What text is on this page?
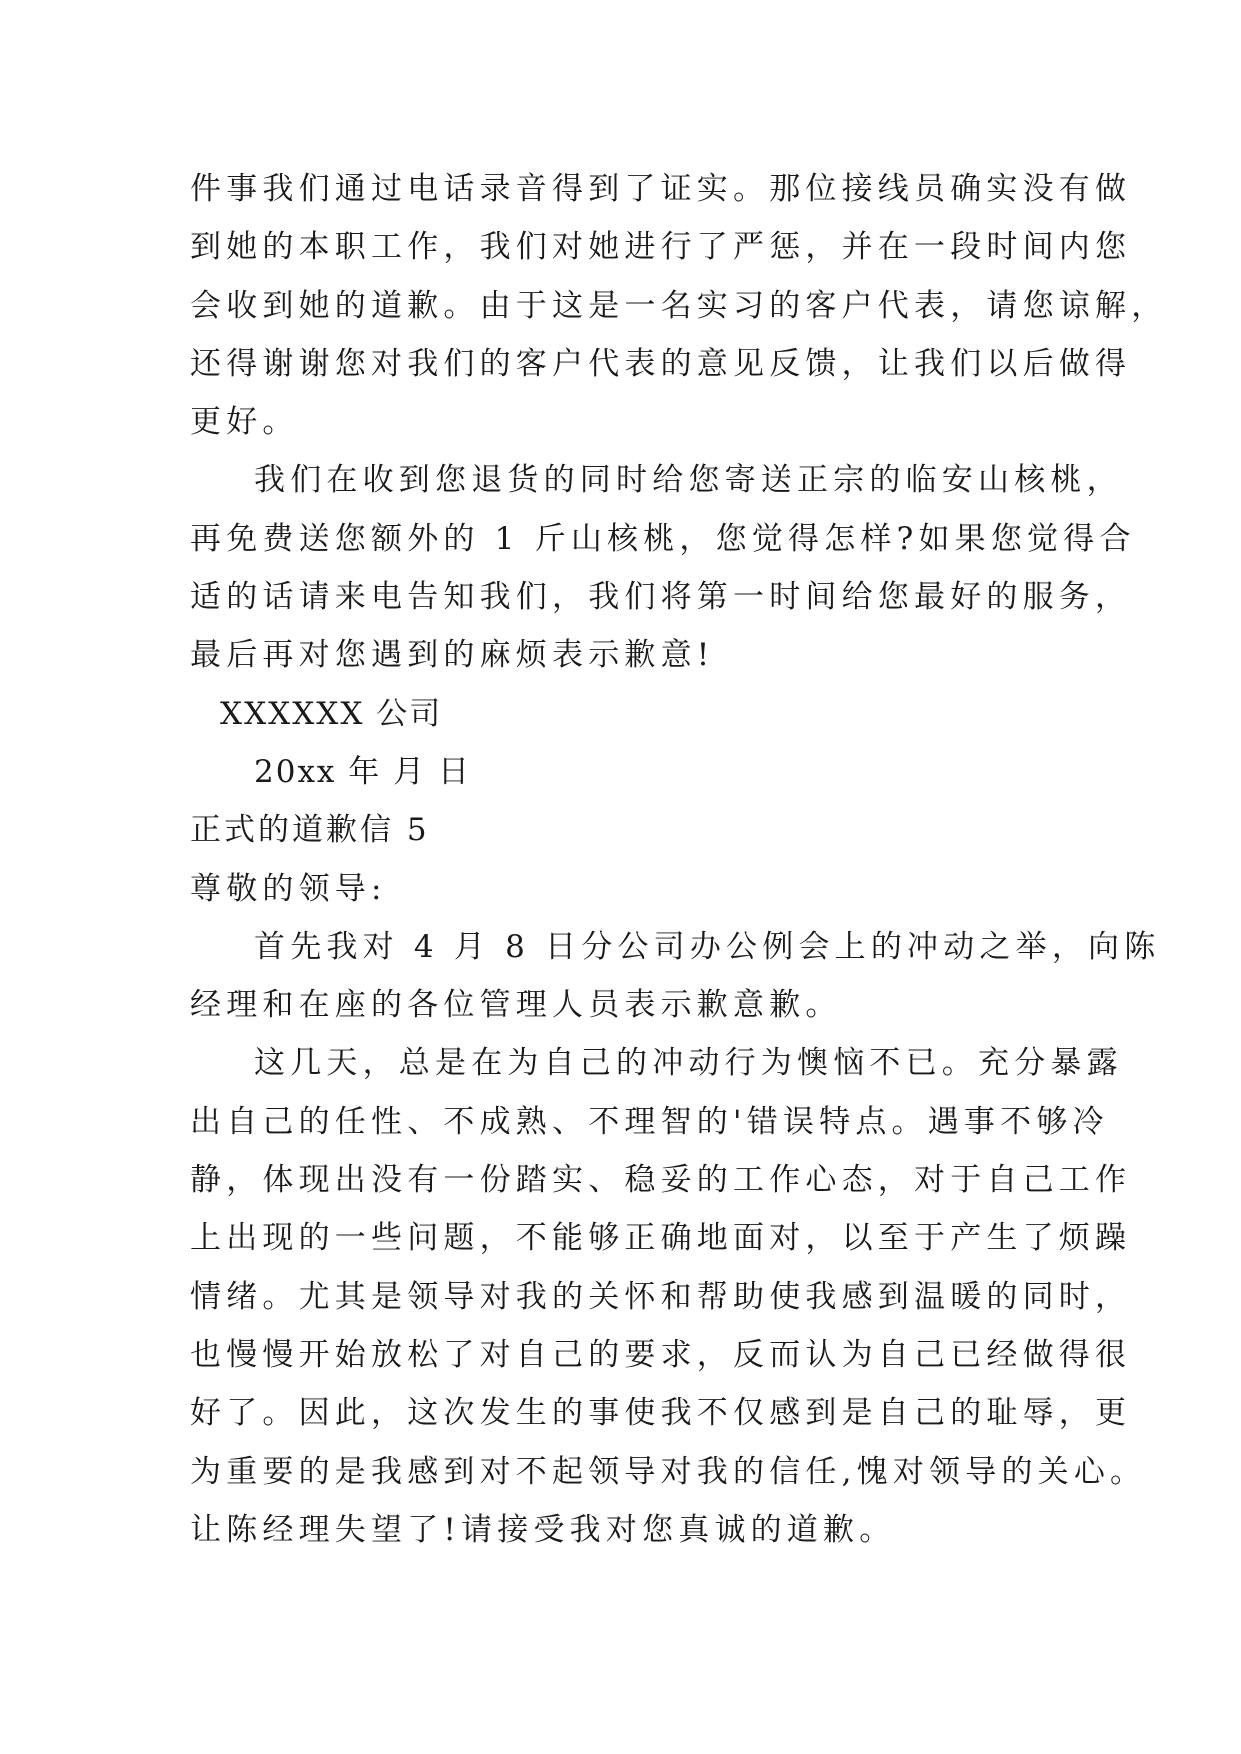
件事我们通过电话录音得到了证实。那位接线员确实没有做
到她的本职工作，我们对她进行了严惩，并在一段时间内您
会收到她的道歉。由于这是一名实习的客户代表，请您谅解，
还得谢谢您对我们的客户代表的意见反馈，让我们以后做得
更好。
我们在收到您退货的同时给您寄送正宗的临安山核桃，
再免费送您额外的 1 斤山核桃，您觉得怎样?如果您觉得合
适的话请来电告知我们，我们将第一时间给您最好的服务，
最后再对您遇到的麻烦表示歉意!
XXXXXX 公司
20xx 年 月 日
正式的道歉信 5
尊敬的领导:
首先我对 4 月 8 日分公司办公例会上的冲动之举，向陈
经理和在座的各位管理人员表示歉意歉。
这几天，总是在为自己的冲动行为懊恼不已。充分暴露
出自己的任性、不成熟、不理智的'错误特点。遇事不够冷
静，体现出没有一份踏实、稳妥的工作心态，对于自己工作
上出现的一些问题，不能够正确地面对，以至于产生了烦躁
情绪。尤其是领导对我的关怀和帮助使我感到温暖的同时，
也慢慢开始放松了对自己的要求，反而认为自己已经做得很
好了。因此，这次发生的事使我不仅感到是自己的耻辱，更
为重要的是我感到对不起领导对我的信任,愧对领导的关心。
让陈经理失望了!请接受我对您真诚的道歉。
